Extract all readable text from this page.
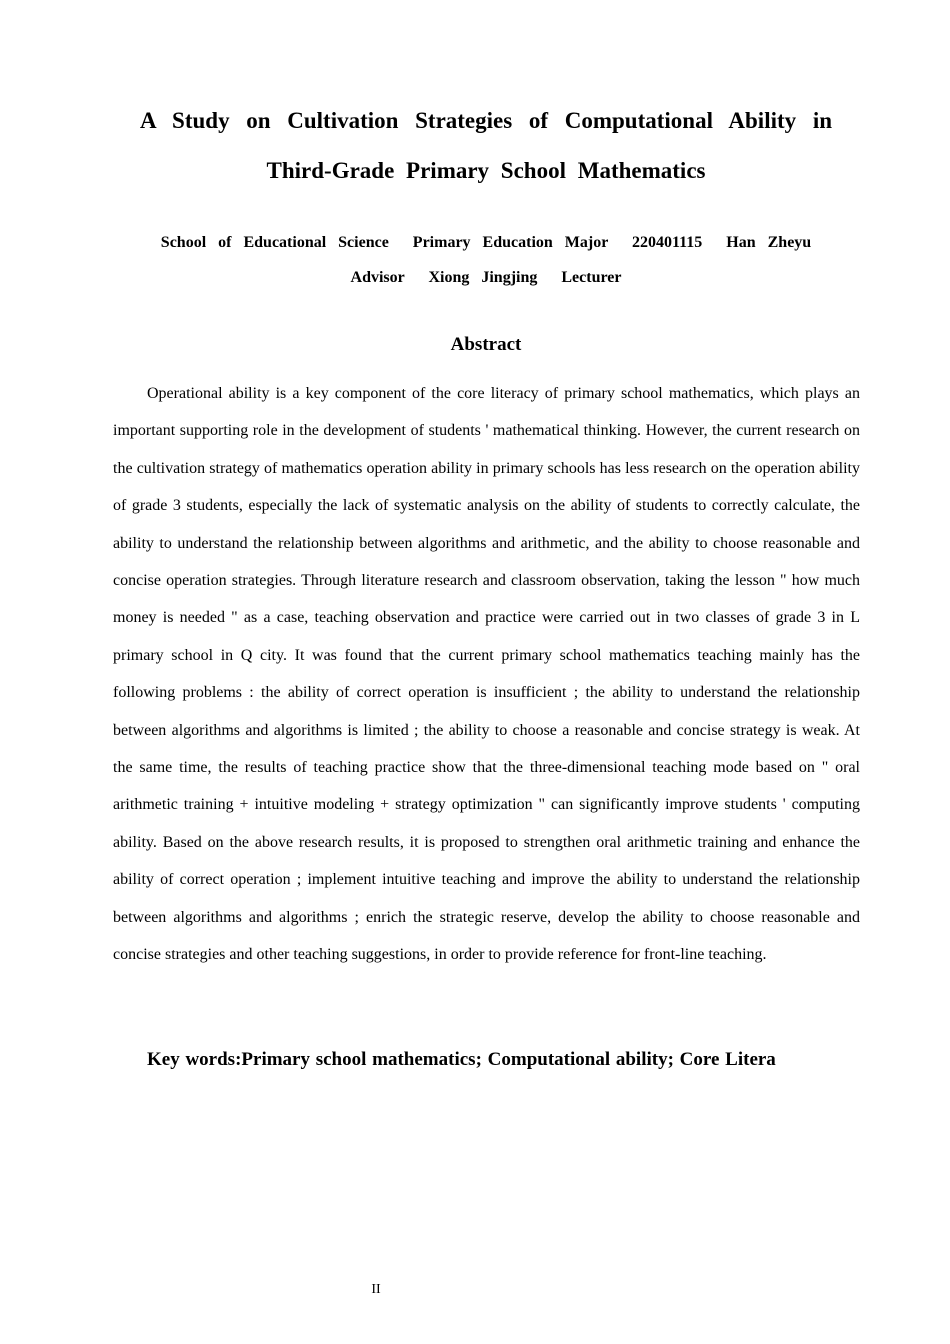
A Study on Cultivation Strategies of Computational Ability in
Third-Grade Primary School Mathematics
School  of  Educational  Science    Primary  Education  Major    220401115    Han  Zheyu
Advisor    Xiong  Jingjing    Lecturer
Abstract

Operational ability is a key component of the core literacy of primary school mathematics, which plays an important supporting role in the development of students ' mathematical thinking. However, the current research on the cultivation strategy of mathematics operation ability in primary schools has less research on the operation ability of grade 3 students, especially the lack of systematic analysis on the ability of students to correctly calculate, the ability to understand the relationship between algorithms and arithmetic, and the ability to choose reasonable and concise operation strategies. Through literature research and classroom observation, taking the lesson " how much money is needed " as a case, teaching observation and practice were carried out in two classes of grade 3 in L primary school in Q city. It was found that the current primary school mathematics teaching mainly has the following problems : the ability of correct operation is insufficient ; the ability to understand the relationship between algorithms and algorithms is limited ; the ability to choose a reasonable and concise strategy is weak. At the same time, the results of teaching practice show that the three-dimensional teaching mode based on " oral arithmetic training + intuitive modeling + strategy optimization " can significantly improve students ' computing ability. Based on the above research results, it is proposed to strengthen oral arithmetic training and enhance the ability of correct operation ; implement intuitive teaching and improve the ability to understand the relationship between algorithms and algorithms ; enrich the strategic reserve, develop the ability to choose reasonable and concise strategies and other teaching suggestions, in order to provide reference for front-line teaching.

Key words:Primary school mathematics; Computational ability; Core Litera

II
